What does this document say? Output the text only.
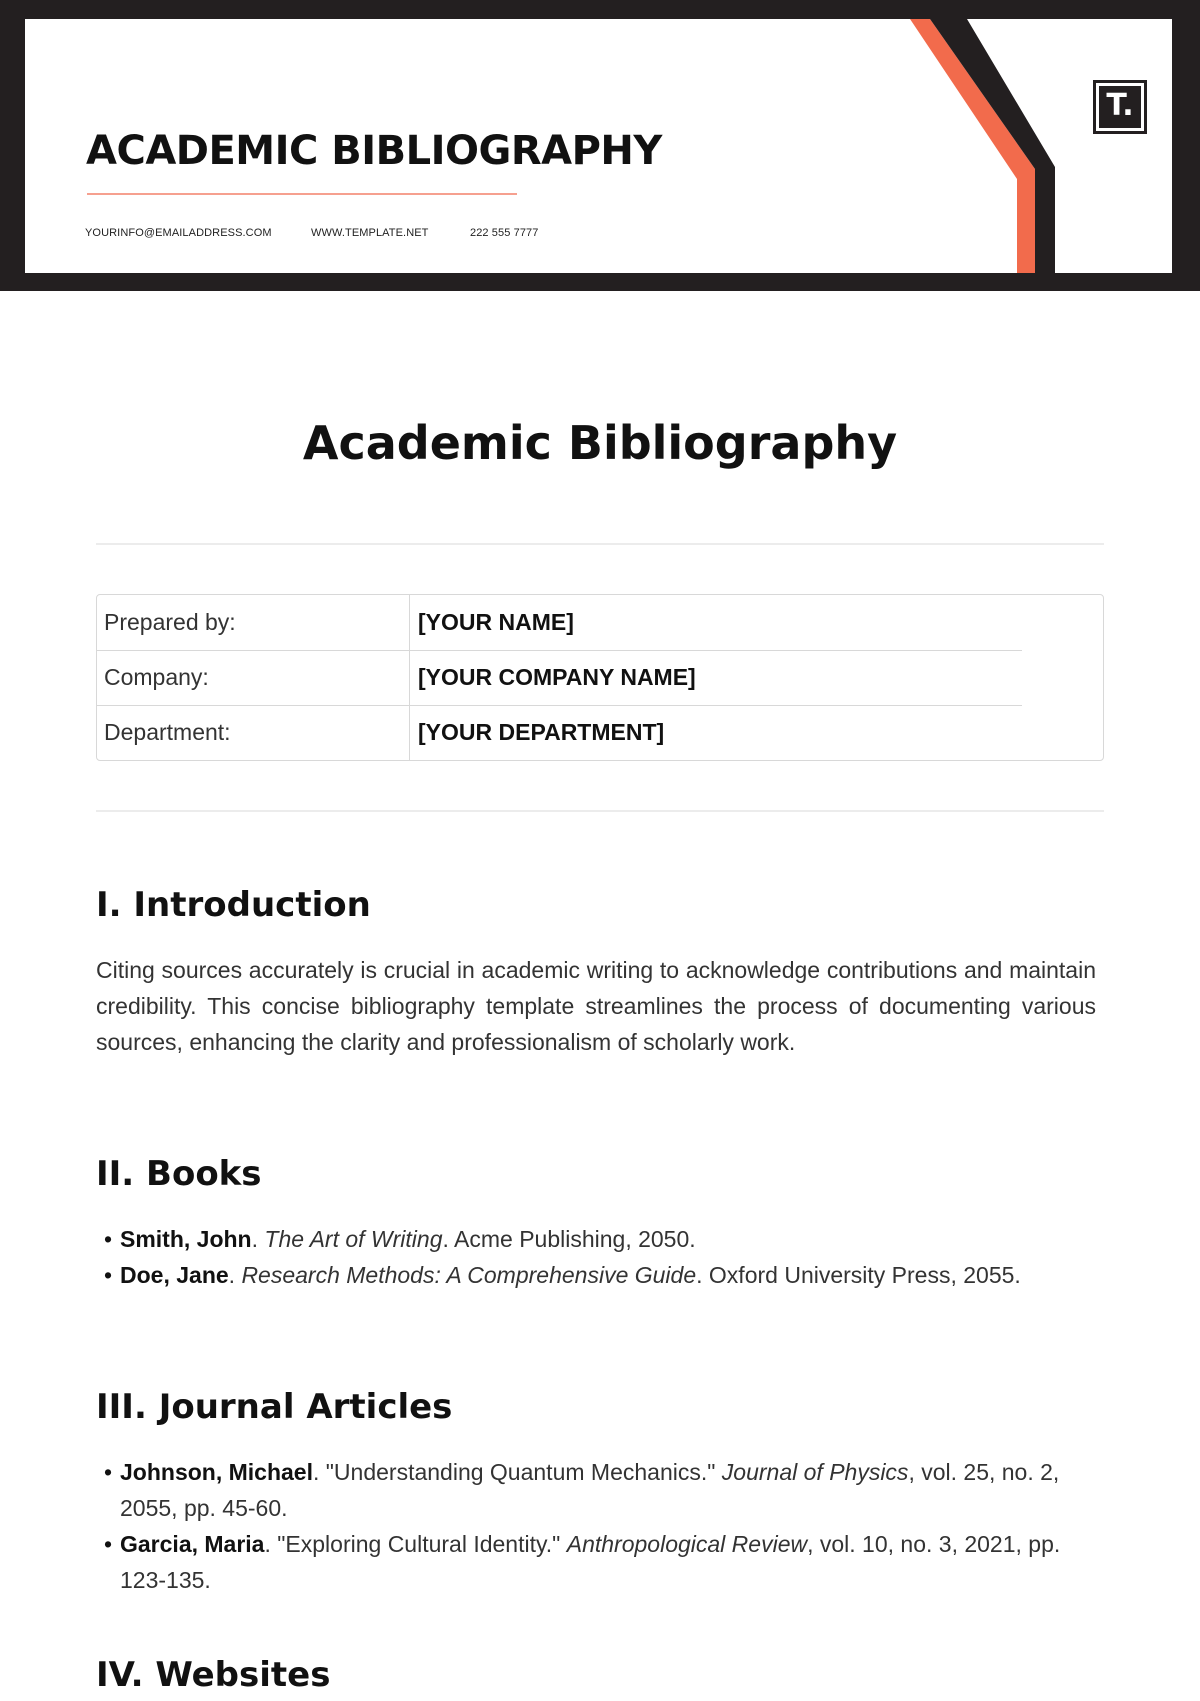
ACADEMIC BIBLIOGRAPHY
YOURINFO@EMAILADDRESS.COM	WWW.TEMPLATE.NET	222 555 7777
T.
Academic Bibliography
Prepared by:	[YOUR NAME]
Company:	[YOUR COMPANY NAME]
Department:	[YOUR DEPARTMENT]
I. Introduction

Citing sources accurately is crucial in academic writing to acknowledge contributions and maintain credibility. This concise bibliography template streamlines the process of documenting various sources, enhancing the clarity and professionalism of scholarly work.

II. Books
• Smith, John. The Art of Writing. Acme Publishing, 2050.
• Doe, Jane. Research Methods: A Comprehensive Guide. Oxford University Press, 2055.
III. Journal Articles
• Johnson, Michael. "Understanding Quantum Mechanics." Journal of Physics, vol. 25, no. 2, 2055, pp. 45-60.
• Garcia, Maria. "Exploring Cultural Identity." Anthropological Review, vol. 10, no. 3, 2021, pp. 123-135.
IV. Websites
